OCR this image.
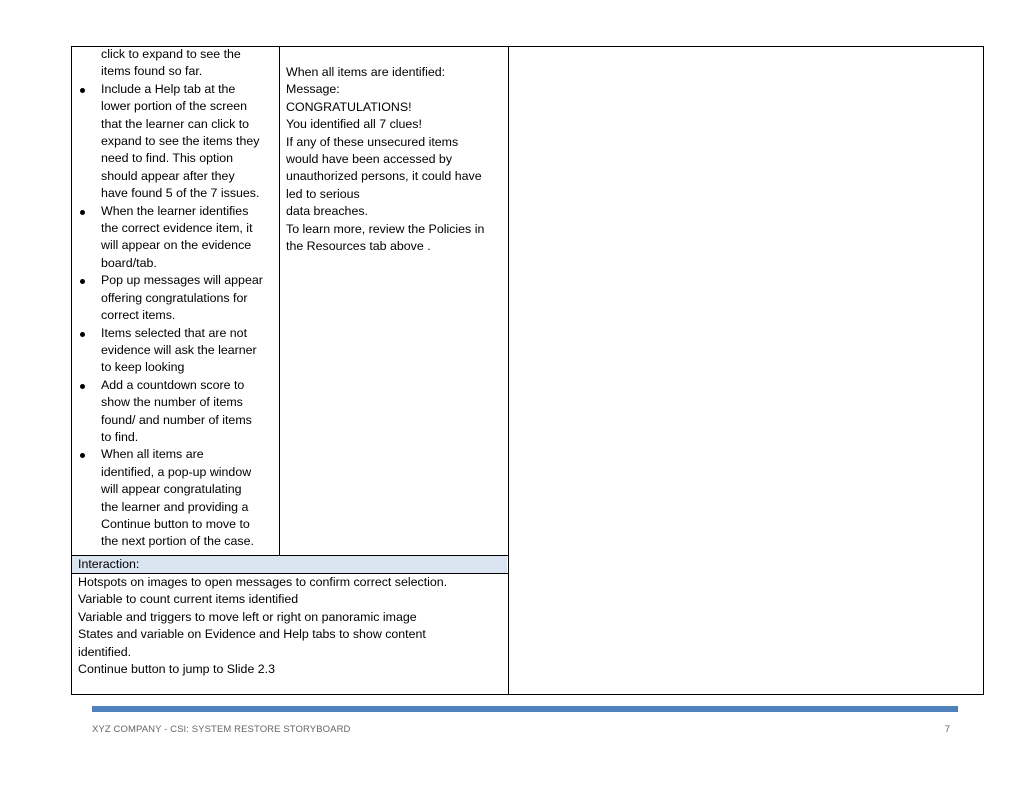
click to expand to see the
items found so far.
Include a Help tab at the
lower portion of the screen
that the learner can click to
expand to see the items they
need to find. This option
should appear after they
have found 5 of the 7 issues.
When the learner identifies
the correct evidence item, it
will appear on the evidence
board/tab.
Pop up messages will appear
offering congratulations for
correct items.
Items selected that are not
evidence will ask the learner
to keep looking
Add a countdown score to
show the number of items
found/ and number of items
to find.
When all items are
identified, a pop-up window
will appear congratulating
the learner and providing a
Continue button to move to
the next portion of the case.
When all items are identified:
Message:
CONGRATULATIONS!
You identified all 7 clues!
If any of these unsecured items
would have been accessed by
unauthorized persons, it could have
led to serious
data breaches.
To learn more, review the Policies in
the Resources tab above .
Interaction:
Hotspots on images to open messages to confirm correct selection.
Variable to count current items identified
Variable and triggers to move left or right on panoramic image
States and variable on Evidence and Help tabs to show content
identified.
Continue button to jump to Slide 2.3
XYZ COMPANY - CSI: SYSTEM RESTORE STORYBOARD	7
